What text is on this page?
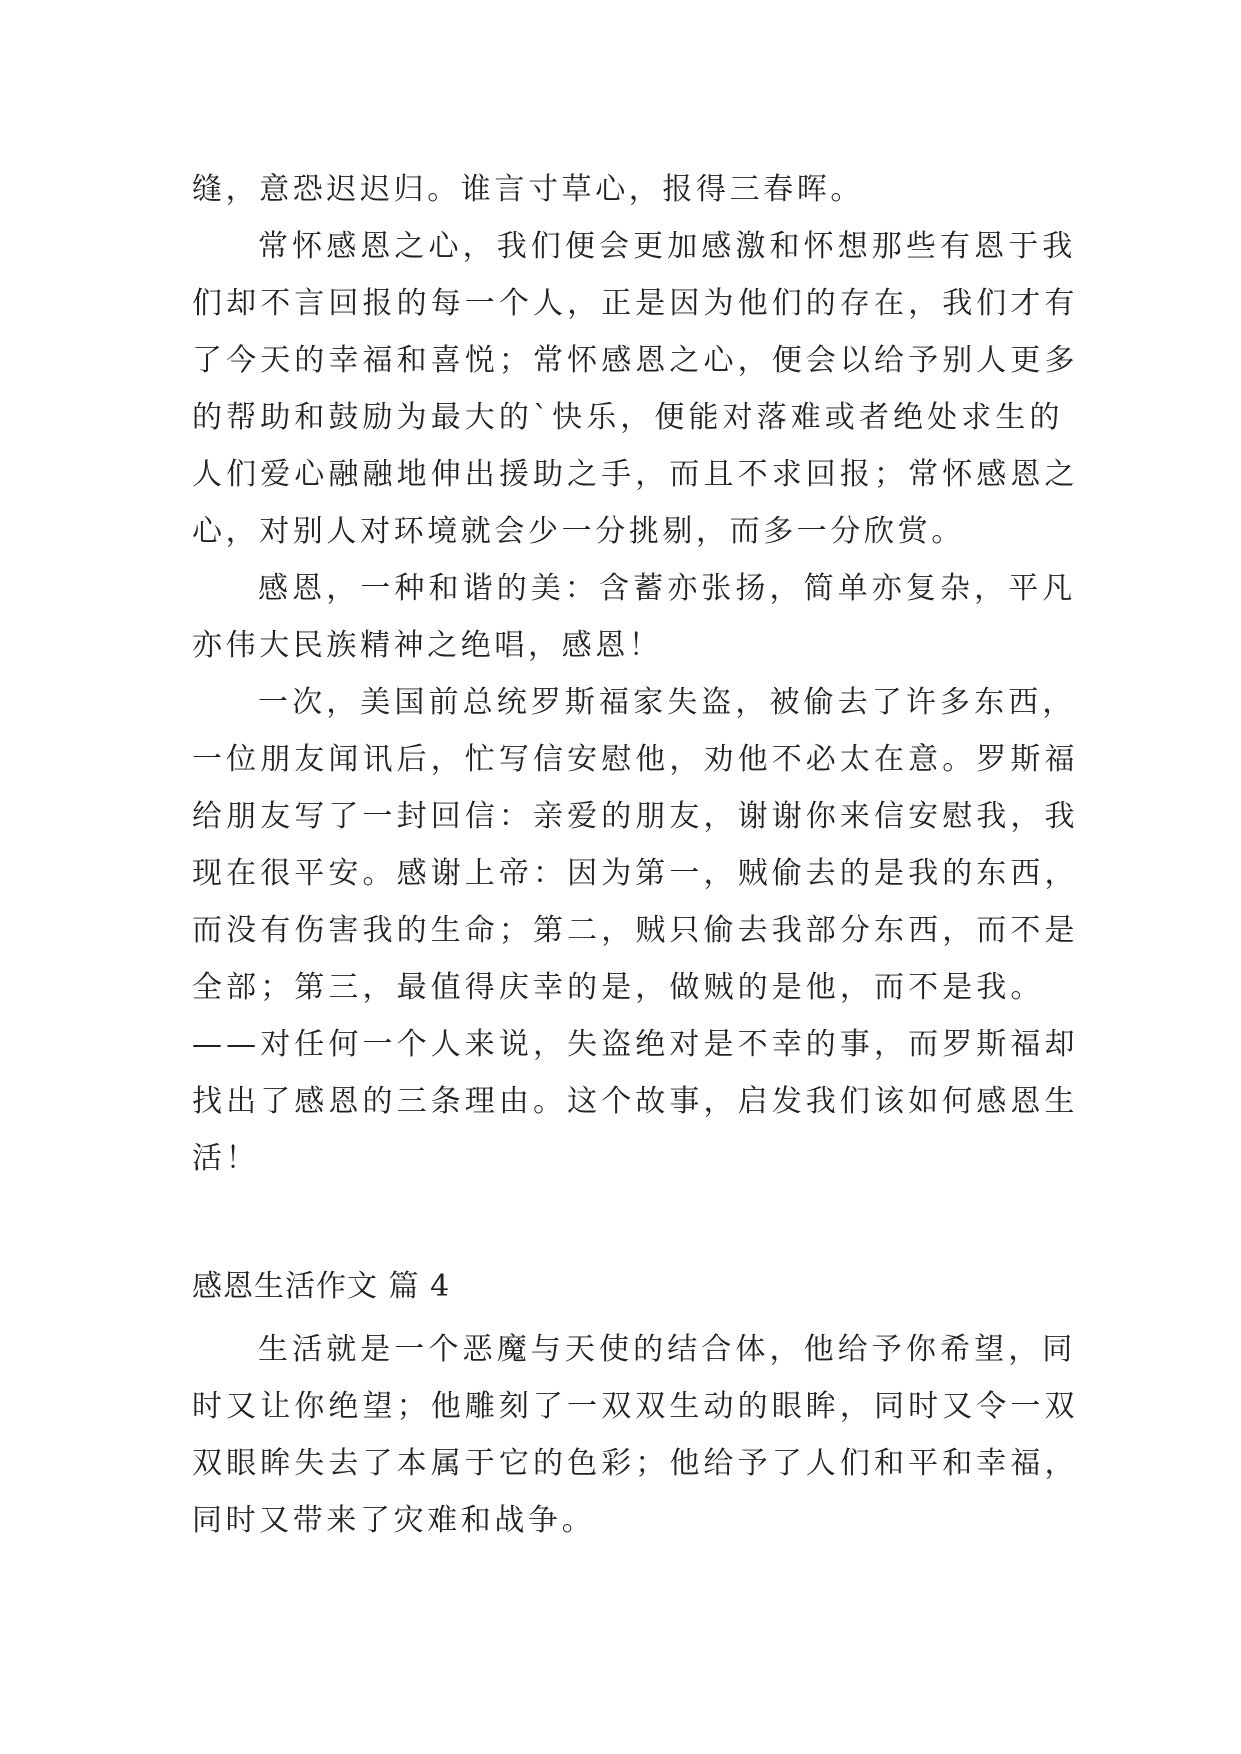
缝，意恐迟迟归。谁言寸草心，报得三春晖。
常怀感恩之心，我们便会更加感激和怀想那些有恩于我
们却不言回报的每一个人，正是因为他们的存在，我们才有
了今天的幸福和喜悦；常怀感恩之心，便会以给予别人更多
的帮助和鼓励为最大的`快乐，便能对落难或者绝处求生的
人们爱心融融地伸出援助之手，而且不求回报；常怀感恩之
心，对别人对环境就会少一分挑剔，而多一分欣赏。
感恩，一种和谐的美：含蓄亦张扬，简单亦复杂，平凡
亦伟大民族精神之绝唱，感恩！
一次，美国前总统罗斯福家失盗，被偷去了许多东西，
一位朋友闻讯后，忙写信安慰他，劝他不必太在意。罗斯福
给朋友写了一封回信：亲爱的朋友，谢谢你来信安慰我，我
现在很平安。感谢上帝：因为第一，贼偷去的是我的东西，
而没有伤害我的生命；第二，贼只偷去我部分东西，而不是
全部；第三，最值得庆幸的是，做贼的是他，而不是我。
——对任何一个人来说，失盗绝对是不幸的事，而罗斯福却
找出了感恩的三条理由。这个故事，启发我们该如何感恩生
活！
感恩生活作文 篇 4
生活就是一个恶魔与天使的结合体，他给予你希望，同
时又让你绝望；他雕刻了一双双生动的眼眸，同时又令一双
双眼眸失去了本属于它的色彩；他给予了人们和平和幸福，
同时又带来了灾难和战争。
